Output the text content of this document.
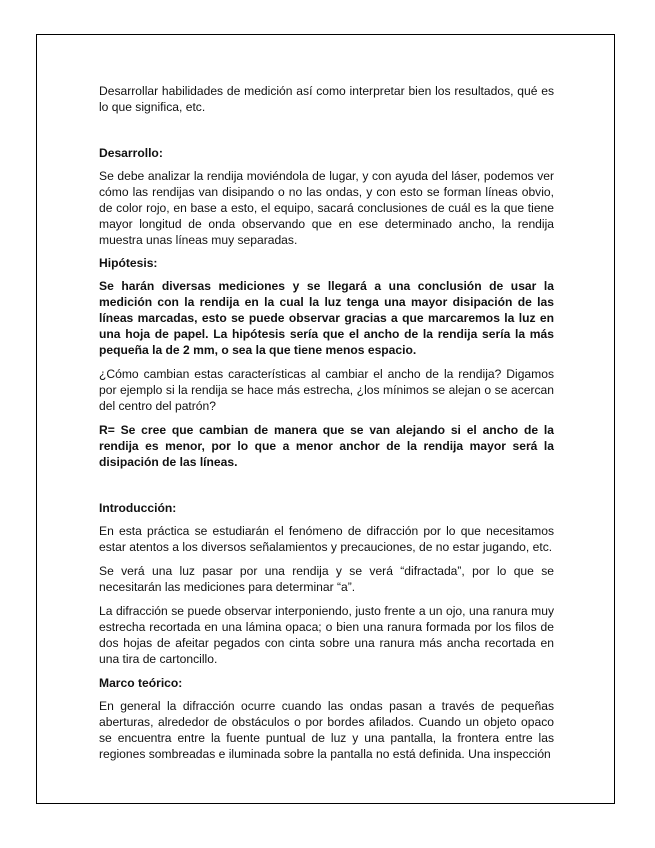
Desarrollar habilidades de medición así como interpretar bien los resultados, qué es lo que significa, etc.

Desarrollo:

Se debe analizar la rendija moviéndola de lugar, y con ayuda del láser, podemos ver cómo las rendijas van disipando o no las ondas, y con esto se forman líneas obvio, de color rojo, en base a esto, el equipo, sacará conclusiones de cuál es la que tiene mayor longitud de onda observando que en ese determinado ancho, la rendija muestra unas líneas muy separadas.

Hipótesis:

Se harán diversas mediciones y se llegará a una conclusión de usar la medición con la rendija en la cual la luz tenga una mayor disipación de las líneas marcadas, esto se puede observar gracias a que marcaremos la luz en una hoja de papel. La hipótesis sería que el ancho de la rendija sería la más pequeña la de 2 mm, o sea la que tiene menos espacio.

¿Cómo cambian estas características al cambiar el ancho de la rendija? Digamos por ejemplo si la rendija se hace más estrecha, ¿los mínimos se alejan o se acercan del centro del patrón?

R= Se cree que cambian de manera que se van alejando si el ancho de la rendija es menor, por lo que a menor anchor de la rendija mayor será la disipación de las líneas.

Introducción:

En esta práctica se estudiarán el fenómeno de difracción por lo que necesitamos estar atentos a los diversos señalamientos y precauciones, de no estar jugando, etc.

Se verá una luz pasar por una rendija y se verá “difractada”, por lo que se necesitarán las mediciones para determinar “a”.

La difracción se puede observar interponiendo, justo frente a un ojo, una ranura muy estrecha recortada en una lámina opaca; o bien una ranura formada por los filos de dos hojas de afeitar pegados con cinta sobre una ranura más ancha recortada en una tira de cartoncillo.

Marco teórico:

En general la difracción ocurre cuando las ondas pasan a través de pequeñas aberturas, alrededor de obstáculos o por bordes afilados. Cuando un objeto opaco se encuentra entre la fuente puntual de luz y una pantalla, la frontera entre las regiones sombreadas e iluminada sobre la pantalla no está definida. Una inspección
